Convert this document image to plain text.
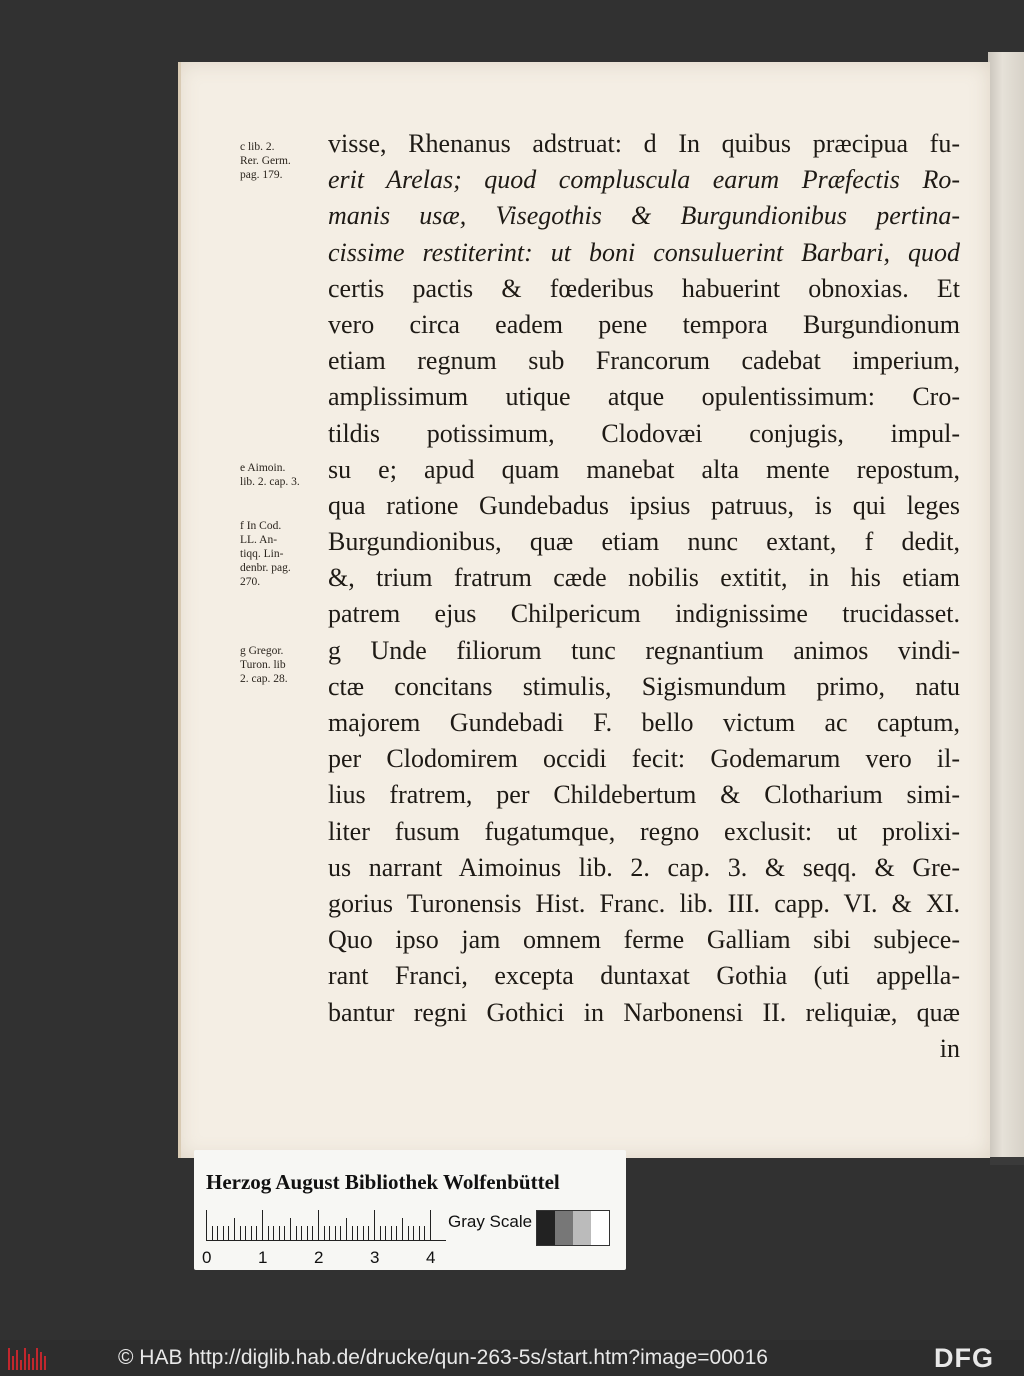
c lib. 2.
Rer. Germ.
pag. 179.
e Aimoin.
lib. 2. cap. 3.
f In Cod.
LL. An-
tiqq. Lin-
denbr. pag.
270.
g Gregor.
Turon. lib
2. cap. 28.
visse, Rhenanus adstruat: d In quibus præcipua fu-
erit Arelas; quod compluscula earum Præfectis Ro-
manis usæ, Visegothis & Burgundionibus pertina-
cissime restiterint: ut boni consuluerint Barbari, quod
certis pactis & fœderibus habuerint obnoxias. Et
vero circa eadem pene tempora Burgundionum
etiam regnum sub Francorum cadebat imperium,
amplissimum utique atque opulentissimum: Cro-
tildis potissimum, Clodovæi conjugis, impul-
su e; apud quam manebat alta mente repostum,
qua ratione Gundebadus ipsius patruus, is qui leges
Burgundionibus, quæ etiam nunc extant, f dedit,
&, trium fratrum cæde nobilis extitit, in his etiam
patrem ejus Chilpericum indignissime trucidasset.
g Unde filiorum tunc regnantium animos vindi-
ctæ concitans stimulis, Sigismundum primo, natu
majorem Gundebadi F. bello victum ac captum,
per Clodomirem occidi fecit: Godemarum vero il-
lius fratrem, per Childebertum & Clotharium simi-
liter fusum fugatumque, regno exclusit: ut prolixi-
us narrant Aimoinus lib. 2. cap. 3. & seqq. & Gre-
gorius Turonensis Hist. Franc. lib. III. capp. VI. & XI.
Quo ipso jam omnem ferme Galliam sibi subjece-
rant Franci, excepta duntaxat Gothia (uti appella-
bantur regni Gothici in Narbonensi II. reliquiæ, quæ
in
Herzog August Bibliothek Wolfenbüttel
0	1	2	3	4
Gray Scale
© HAB http://diglib.hab.de/drucke/qun-263-5s/start.htm?image=00016	DFG
